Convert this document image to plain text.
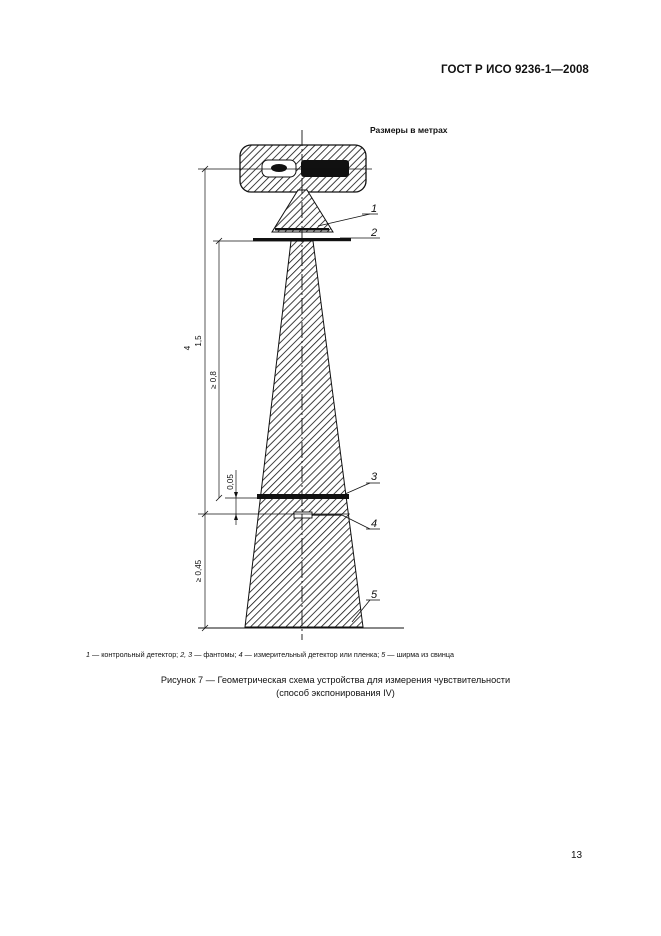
ГОСТ Р ИСО 9236-1—2008
Размеры в метрах
4
1,5
≥ 0,8
0,05
≥ 0,45
1
2
3
4
5
1 — контрольный детектор; 2, 3 — фантомы; 4 — измерительный детектор или пленка; 5 — ширма из свинца
Рисунок 7 — Геометрическая схема устройства для измерения чувствительности
(способ экспонирования IV)
13
